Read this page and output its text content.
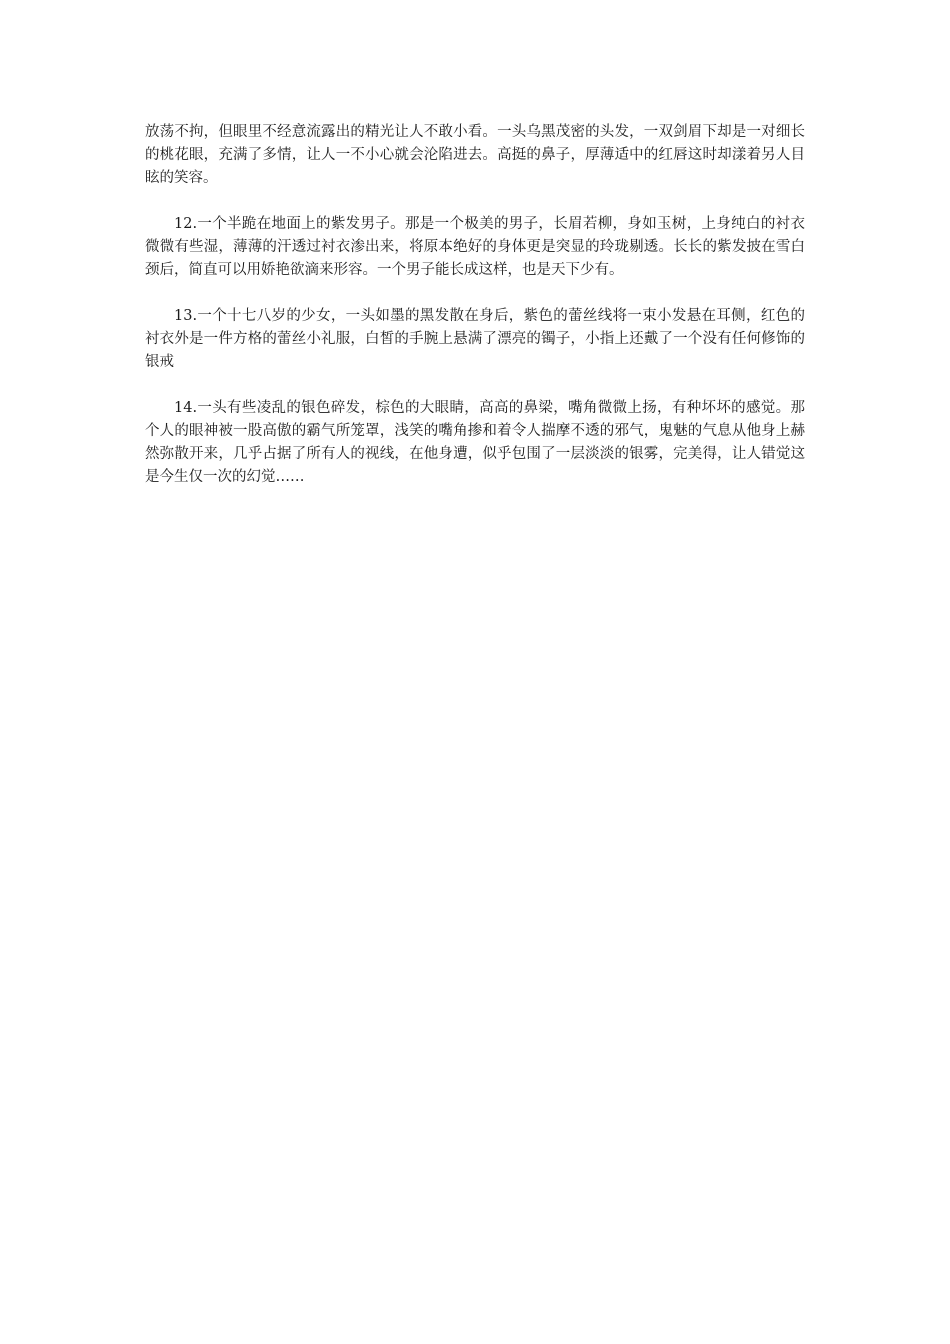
放荡不拘，但眼里不经意流露出的精光让人不敢小看。一头乌黑茂密的头发，一双剑眉下却是一对细长的桃花眼，充满了多情，让人一不小心就会沦陷进去。高挺的鼻子，厚薄适中的红唇这时却漾着另人目眩的笑容。

12.一个半跪在地面上的紫发男子。那是一个极美的男子，长眉若柳，身如玉树，上身纯白的衬衣微微有些湿，薄薄的汗透过衬衣渗出来，将原本绝好的身体更是突显的玲珑剔透。长长的紫发披在雪白颈后，简直可以用娇艳欲滴来形容。一个男子能长成这样，也是天下少有。

13.一个十七八岁的少女，一头如墨的黑发散在身后，紫色的蕾丝线将一束小发悬在耳侧，红色的衬衣外是一件方格的蕾丝小礼服，白皙的手腕上悬满了漂亮的镯子，小指上还戴了一个没有任何修饰的银戒

14.一头有些凌乱的银色碎发，棕色的大眼睛，高高的鼻梁，嘴角微微上扬，有种坏坏的感觉。那个人的眼神被一股高傲的霸气所笼罩，浅笑的嘴角掺和着令人揣摩不透的邪气，鬼魅的气息从他身上赫然弥散开来，几乎占据了所有人的视线，在他身遭，似乎包围了一层淡淡的银雾，完美得，让人错觉这是今生仅一次的幻觉……
